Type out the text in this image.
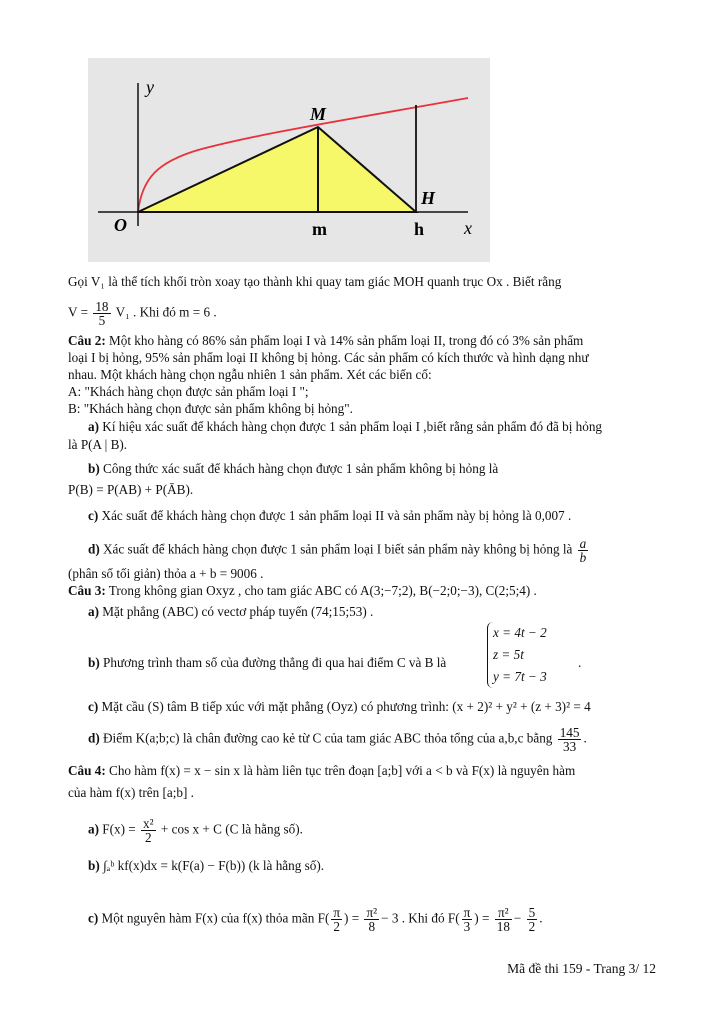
y
M
H
O	m	h x
Gọi V₁ là thể tích khối tròn xoay tạo thành khi quay tam giác MOH quanh trục Ox . Biết rằng
$V = \frac{18}{5} V_1$ . Khi đó m = 6 .
Câu 2: Một kho hàng có 86% sản phẩm loại I và 14% sản phẩm loại II, trong đó có 3% sản phẩm
loại I bị hỏng, 95% sản phẩm loại II không bị hỏng. Các sản phẩm có kích thước và hình dạng như
nhau. Một khách hàng chọn ngẫu nhiên 1 sản phẩm. Xét các biến cố:
A: "Khách hàng chọn được sản phẩm loại I ";
B: "Khách hàng chọn được sản phẩm không bị hỏng".
a) Kí hiệu xác suất để khách hàng chọn được 1 sản phẩm loại I ,biết rằng sản phẩm đó đã bị hỏng
là P(A | B).
b) Công thức xác suất để khách hàng chọn được 1 sản phẩm không bị hỏng là
P(B) = P(AB) + P(ĀB).
c) Xác suất để khách hàng chọn được 1 sản phẩm loại II và sản phẩm này bị hỏng là 0,007 .
d) Xác suất để khách hàng chọn được 1 sản phẩm loại I biết sản phẩm này không bị hỏng là $\frac{a}{b}$
(phân số tối giản) thỏa a + b = 9006 .
Câu 3: Trong không gian Oxyz , cho tam giác ABC có A(3;−7;2), B(−2;0;−3), C(2;5;4) .
a) Mặt phẳng (ABC) có vectơ pháp tuyến (74;15;53) .
b) Phương trình tham số của đường thẳng đi qua hai điểm C và B là
x = 4t − 2
z = 5t
y = 7t − 3
.
c) Mặt cầu (S) tâm B tiếp xúc với mặt phẳng (Oyz) có phương trình: (x + 2)² + y² + (z + 3)² = 4
d) Điểm K(a;b;c) là chân đường cao kẻ từ C của tam giác ABC thỏa tổng của a,b,c bằng $\frac{145}{33}$ .
Câu 4: Cho hàm f(x) = x − sin x là hàm liên tục trên đoạn [a;b] với a < b và F(x) là nguyên hàm
của hàm f(x) trên [a;b] .
a) $F(x) = \frac{\text{x²}}{2} + \cos x + C$ (C là hằng số).
b) ∫ₐᵇ kf(x)dx = k(F(a) − F(b)) (k là hằng số).
c) Một nguyên hàm F(x) của f(x) thỏa mãn $F( \frac{\pi}{2}$ ) = $\frac{\text{π²}}{8} - 3$ . Khi đó $F( \frac{\pi}{3}$ ) = $\frac{\text{π²}}{18} - \frac{5}{2}$ .
Mã đề thi 159 - Trang 3/ 12
